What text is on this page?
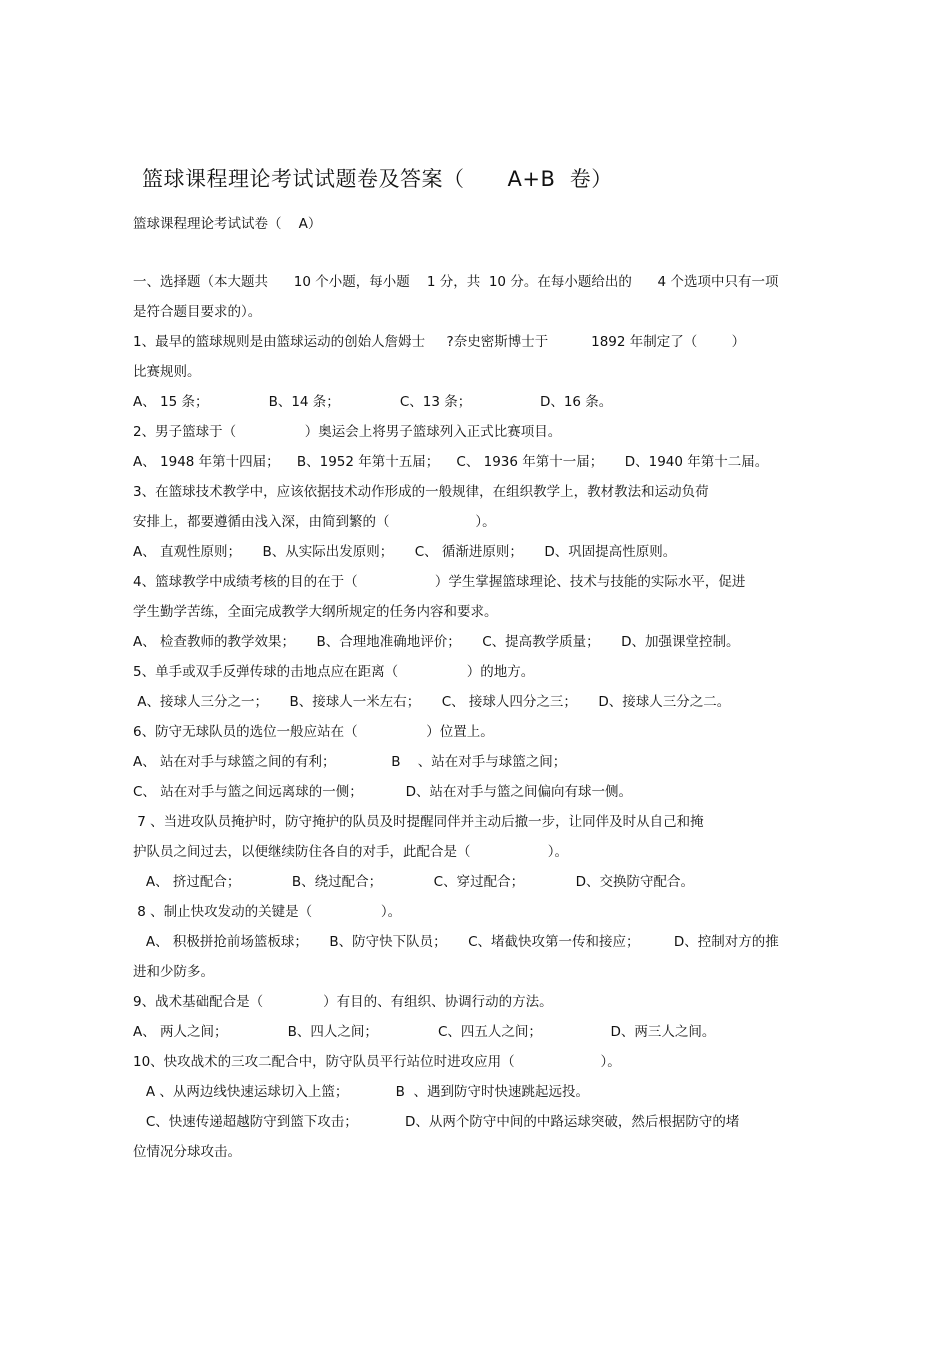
篮球课程理论考试试题卷及答案（      A+B  卷）
篮球课程理论考试试卷（    A）
一、选择题（本大题共      10 个小题，每小题    1 分，共  10 分。在每小题给出的      4 个选项中只有一项
是符合题目要求的）。
1、最早的篮球规则是由篮球运动的创始人詹姆士     ?奈史密斯博士于          1892 年制定了（        ）
比赛规则。
A、 15 条；              B、14 条；              C、13 条；                D、16 条。
2、男子篮球于（                ）奥运会上将男子篮球列入正式比赛项目。
A、 1948 年第十四届；    B、1952 年第十五届；    C、 1936 年第十一届；     D、1940 年第十二届。
3、在篮球技术教学中，应该依据技术动作形成的一般规律，在组织教学上，教材教法和运动负荷
安排上，都要遵循由浅入深，由简到繁的（                    ）。
A、 直观性原则；     B、从实际出发原则；     C、 循渐进原则；     D、巩固提高性原则。
4、篮球教学中成绩考核的目的在于（                  ）学生掌握篮球理论、技术与技能的实际水平，促进
学生勤学苦练，全面完成教学大纲所规定的任务内容和要求。
A、 检查教师的教学效果；     B、合理地准确地评价；     C、提高教学质量；     D、加强课堂控制。
5、单手或双手反弹传球的击地点应在距离（                ）的地方。
A、接球人三分之一；     B、接球人一米左右；     C、 接球人四分之三；     D、接球人三分之二。
6、防守无球队员的选位一般应站在（                ）位置上。
A、 站在对手与球篮之间的有利；             B    、站在对手与球篮之间；
C、 站在对手与篮之间远离球的一侧；          D、站在对手与篮之间偏向有球一侧。
7 、当进攻队员掩护时，防守掩护的队员及时提醒同伴并主动后撤一步，让同伴及时从自己和掩
护队员之间过去，以便继续防住各自的对手，此配合是（                  ）。
A、 挤过配合；            B、绕过配合；            C、穿过配合；            D、交换防守配合。
8 、制止快攻发动的关键是（                ）。
A、 积极拼抢前场篮板球；     B、防守快下队员；     C、堵截快攻第一传和接应；        D、控制对方的推
进和少防多。
9、战术基础配合是（              ）有目的、有组织、协调行动的方法。
A、 两人之间；              B、四人之间；              C、四五人之间；                D、两三人之间。
10、快攻战术的三攻二配合中，防守队员平行站位时进攻应用（                    ）。
A 、从两边线快速运球切入上篮；           B  、遇到防守时快速跳起远投。
C、快速传递超越防守到篮下攻击；           D、从两个防守中间的中路运球突破，然后根据防守的堵
位情况分球攻击。
